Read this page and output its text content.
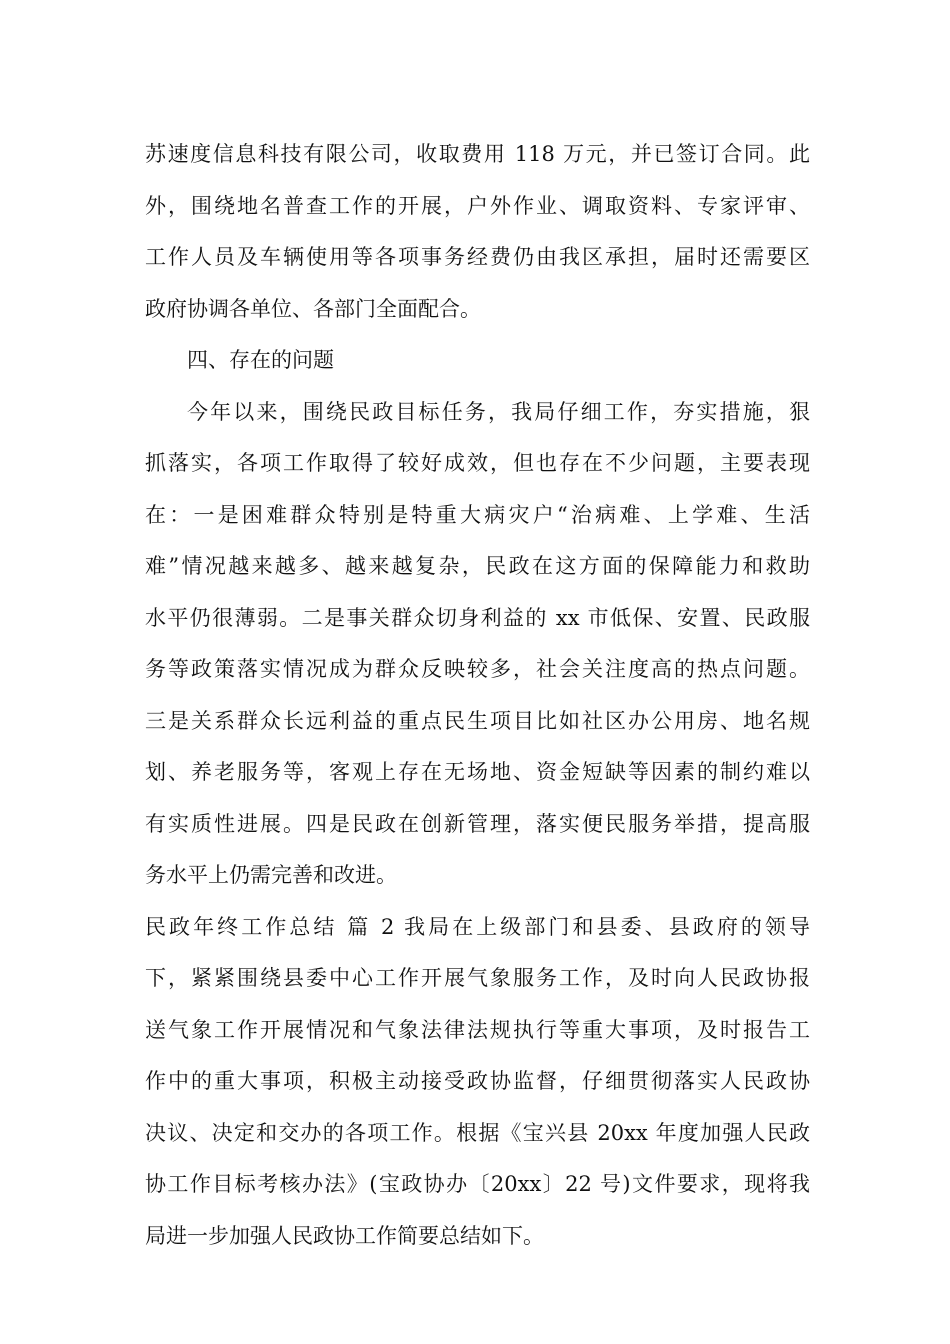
苏速度信息科技有限公司，收取费用 118 万元，并已签订合同。此
外，围绕地名普查工作的开展，户外作业、调取资料、专家评审、
工作人员及车辆使用等各项事务经费仍由我区承担，届时还需要区
政府协调各单位、各部门全面配合。
四、存在的问题
今年以来，围绕民政目标任务，我局仔细工作，夯实措施，狠
抓落实，各项工作取得了较好成效，但也存在不少问题，主要表现
在：一是困难群众特别是特重大病灾户“治病难、上学难、生活
难”情况越来越多、越来越复杂，民政在这方面的保障能力和救助
水平仍很薄弱。二是事关群众切身利益的 xx 市低保、安置、民政服
务等政策落实情况成为群众反映较多，社会关注度高的热点问题。
三是关系群众长远利益的重点民生项目比如社区办公用房、地名规
划、养老服务等，客观上存在无场地、资金短缺等因素的制约难以
有实质性进展。四是民政在创新管理，落实便民服务举措，提高服
务水平上仍需完善和改进。
民政年终工作总结 篇 2 我局在上级部门和县委、县政府的领导
下，紧紧围绕县委中心工作开展气象服务工作，及时向人民政协报
送气象工作开展情况和气象法律法规执行等重大事项，及时报告工
作中的重大事项，积极主动接受政协监督，仔细贯彻落实人民政协
决议、决定和交办的各项工作。根据《宝兴县 20xx 年度加强人民政
协工作目标考核办法》(宝政协办〔20xx〕22 号)文件要求，现将我
局进一步加强人民政协工作简要总结如下。
